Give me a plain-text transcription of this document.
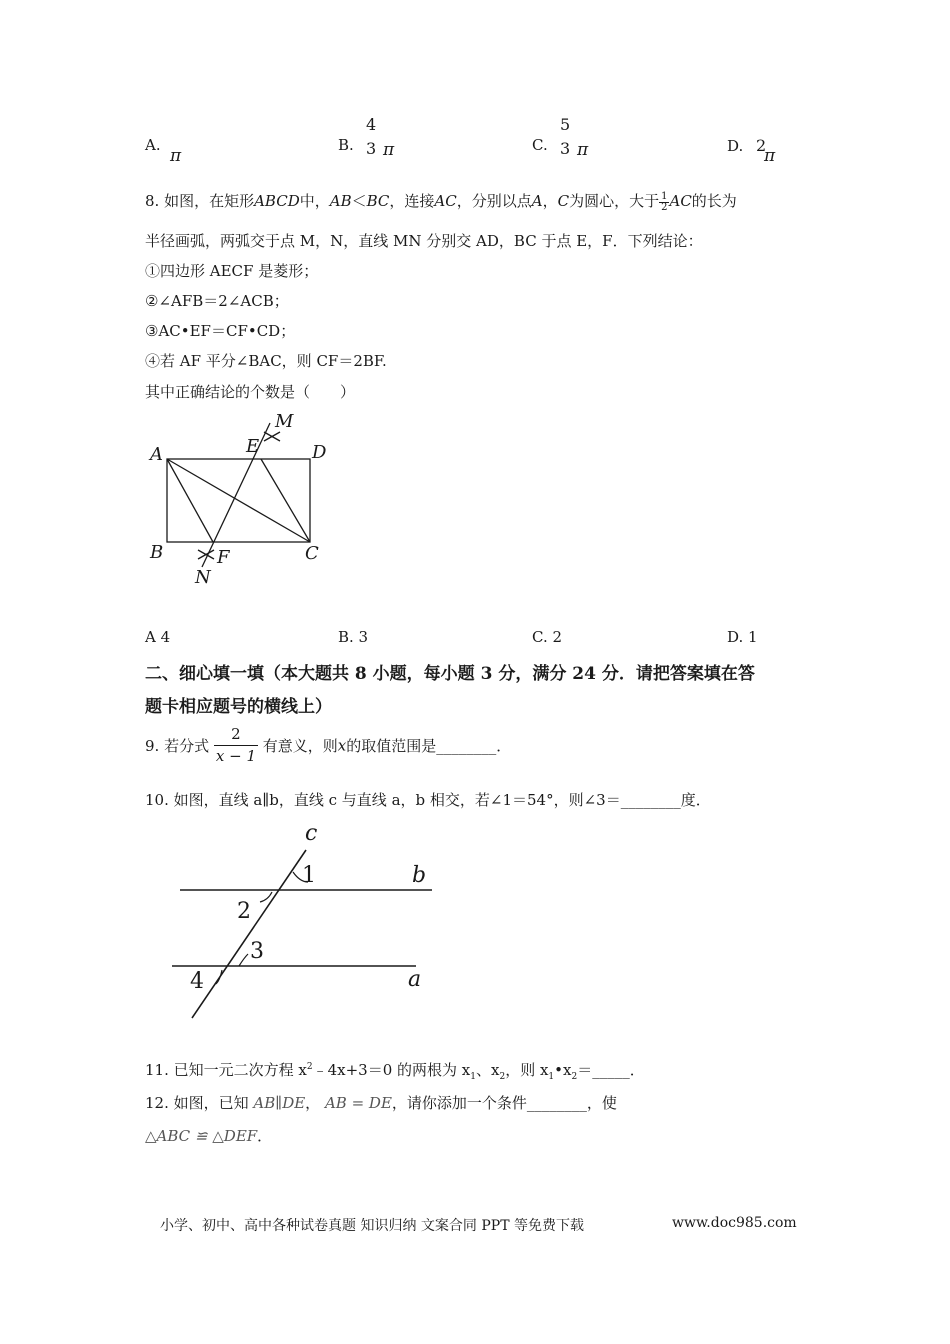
A.
π
B.
4
3 π	C.
5
3 π	D. 2
π
8. 如图，在矩形ABCD中，AB＜BC，连接AC，分别以点A，C为圆心，大于 $\frac{1}{2}$ AC的长为
半径画弧，两弧交于点 M，N，直线 MN 分别交 AD，BC 于点 E，F．下列结论：
①四边形 AECF 是菱形；
②∠AFB＝2∠ACB；
③AC•EF＝CF•CD；
④若 AF 平分∠BAC，则 CF＝2BF.
其中正确结论的个数是（　　）
A	D
B	C
E
M
F
N
A 4	B. 3	C. 2	D. 1
二、细心填一填（本大题共 8 小题，每小题 3 分，满分 24 分．请把答案填在答
题卡相应题号的横线上）
9. 若分式 $\frac{2}{x - 1}$ 有意义，则x的取值范围是________．
10. 如图，直线 a∥b，直线 c 与直线 a，b 相交，若∠1＝54°，则∠3＝________度．
c
b
a
1
2
3
4
11. 已知一元二次方程 $x^2﹣4x+3=0$ 的两根为 $x_1$、$x_2$，则 $x_1•x_2=\_\_\_\_\_$．
12. 如图，已知 AB∥DE， AB = DE，请你添加一个条件________，使
△ABC ≌ △DEF．
小学、初中、高中各种试卷真题 知识归纳 文案合同 PPT 等免费下载	www.doc985.com
